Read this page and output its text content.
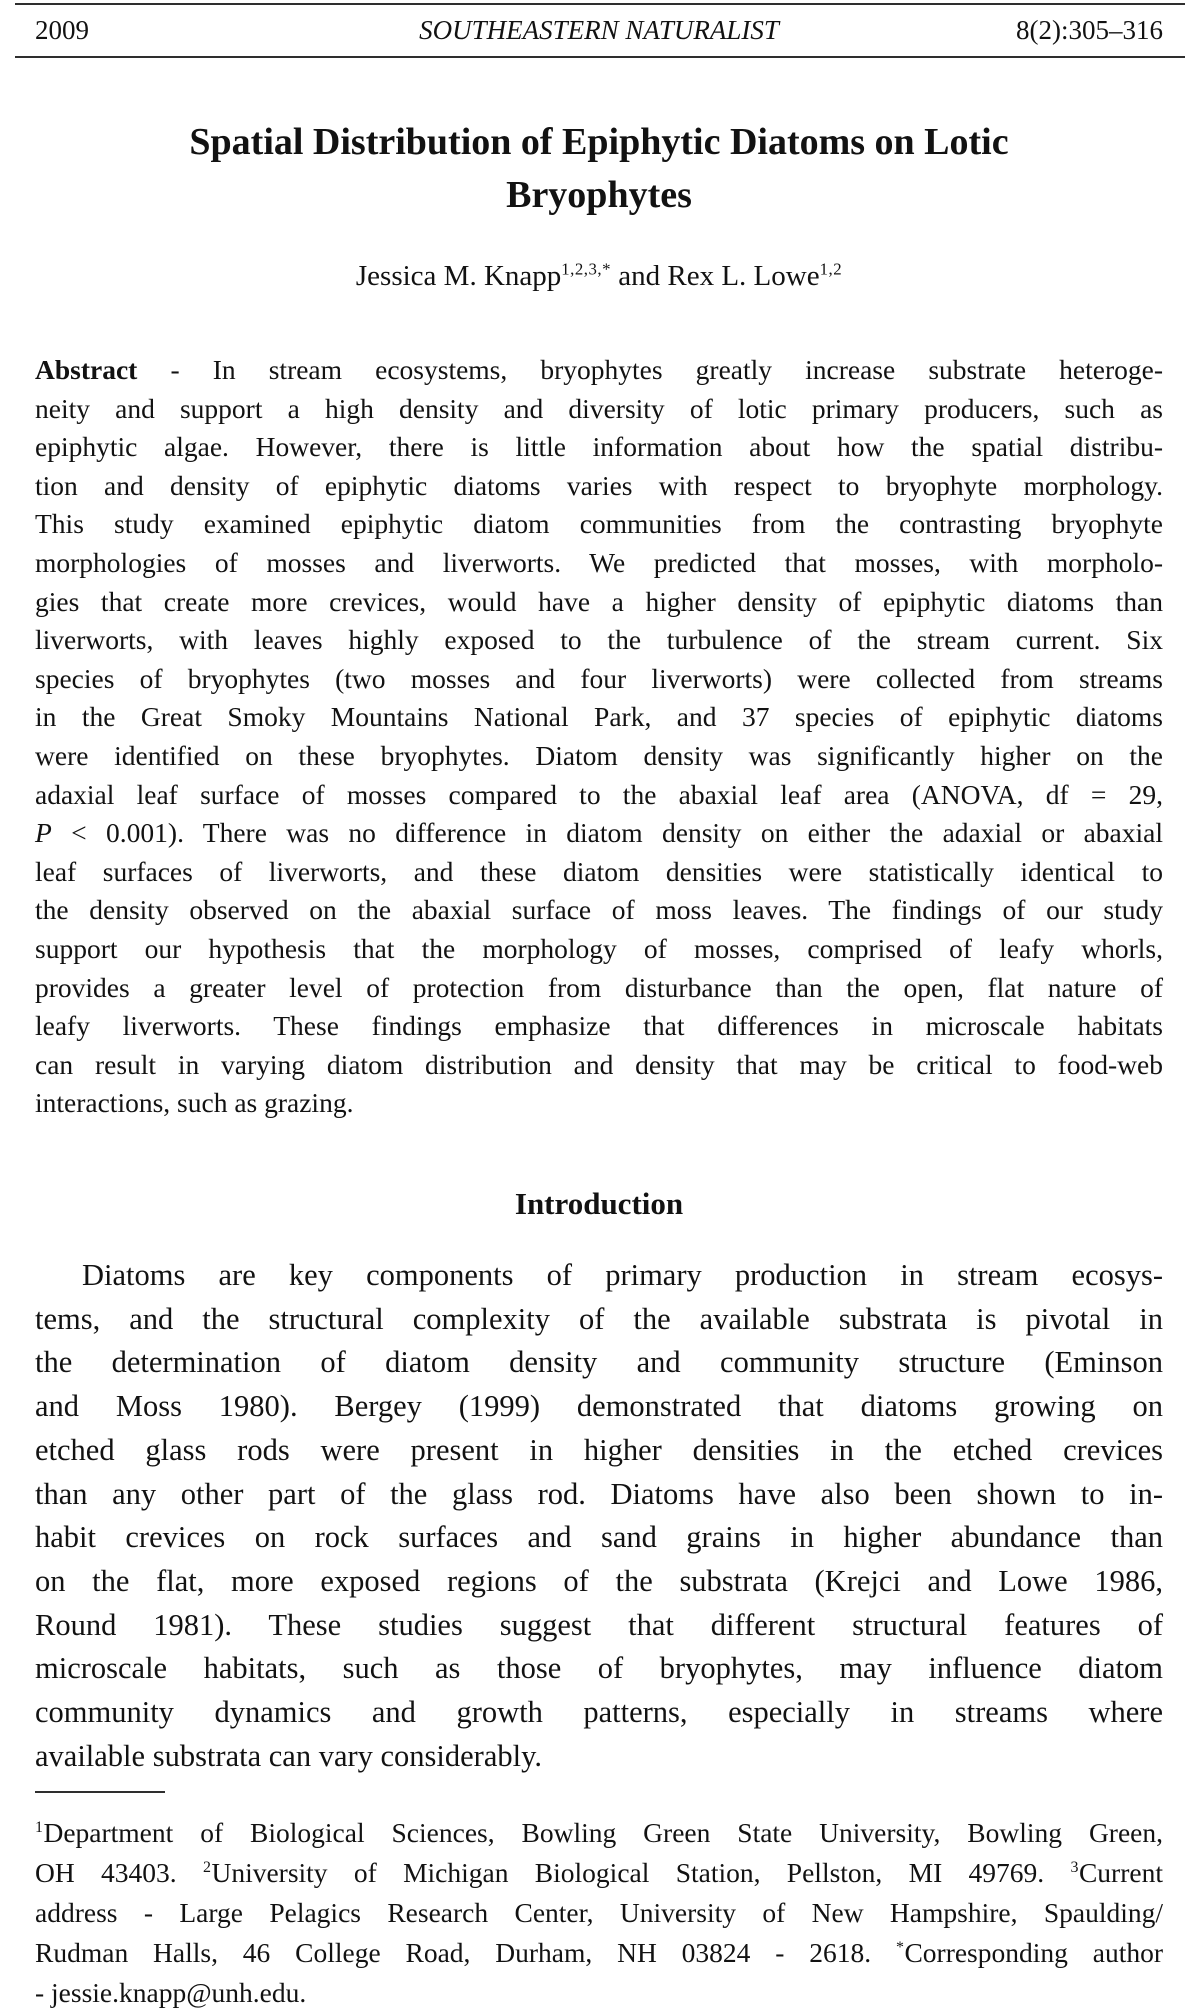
2009	SOUTHEASTERN NATURALIST	8(2):305–316
Spatial Distribution of Epiphytic Diatoms on Lotic
Bryophytes
Jessica M. Knapp$^{1,2,3,*}$ and Rex L. Lowe$^{1,2}$
Abstract - In stream ecosystems, bryophytes greatly increase substrate heteroge-
neity and support a high density and diversity of lotic primary producers, such as
epiphytic algae. However, there is little information about how the spatial distribu-
tion and density of epiphytic diatoms varies with respect to bryophyte morphology.
This study examined epiphytic diatom communities from the contrasting bryophyte
morphologies of mosses and liverworts. We predicted that mosses, with morpholo-
gies that create more crevices, would have a higher density of epiphytic diatoms than
liverworts, with leaves highly exposed to the turbulence of the stream current. Six
species of bryophytes (two mosses and four liverworts) were collected from streams
in the Great Smoky Mountains National Park, and 37 species of epiphytic diatoms
were identified on these bryophytes. Diatom density was significantly higher on the
adaxial leaf surface of mosses compared to the abaxial leaf area (ANOVA, df = 29,
P < 0.001). There was no difference in diatom density on either the adaxial or abaxial
leaf surfaces of liverworts, and these diatom densities were statistically identical to
the density observed on the abaxial surface of moss leaves. The findings of our study
support our hypothesis that the morphology of mosses, comprised of leafy whorls,
provides a greater level of protection from disturbance than the open, flat nature of
leafy liverworts. These findings emphasize that differences in microscale habitats
can result in varying diatom distribution and density that may be critical to food-web
interactions, such as grazing.
Introduction
Diatoms are key components of primary production in stream ecosys-
tems, and the structural complexity of the available substrata is pivotal in
the determination of diatom density and community structure (Eminson
and Moss 1980). Bergey (1999) demonstrated that diatoms growing on
etched glass rods were present in higher densities in the etched crevices
than any other part of the glass rod. Diatoms have also been shown to in-
habit crevices on rock surfaces and sand grains in higher abundance than
on the flat, more exposed regions of the substrata (Krejci and Lowe 1986,
Round 1981). These studies suggest that different structural features of
microscale habitats, such as those of bryophytes, may influence diatom
community dynamics and growth patterns, especially in streams where
available substrata can vary considerably.
$^1$Department of Biological Sciences, Bowling Green State University, Bowling Green,
OH 43403. $^2$University of Michigan Biological Station, Pellston, MI 49769. $^3$Current
address - Large Pelagics Research Center, University of New Hampshire, Spaulding/
Rudman Halls, 46 College Road, Durham, NH 03824 - 2618. *Corresponding author
- jessie.knapp@unh.edu.
